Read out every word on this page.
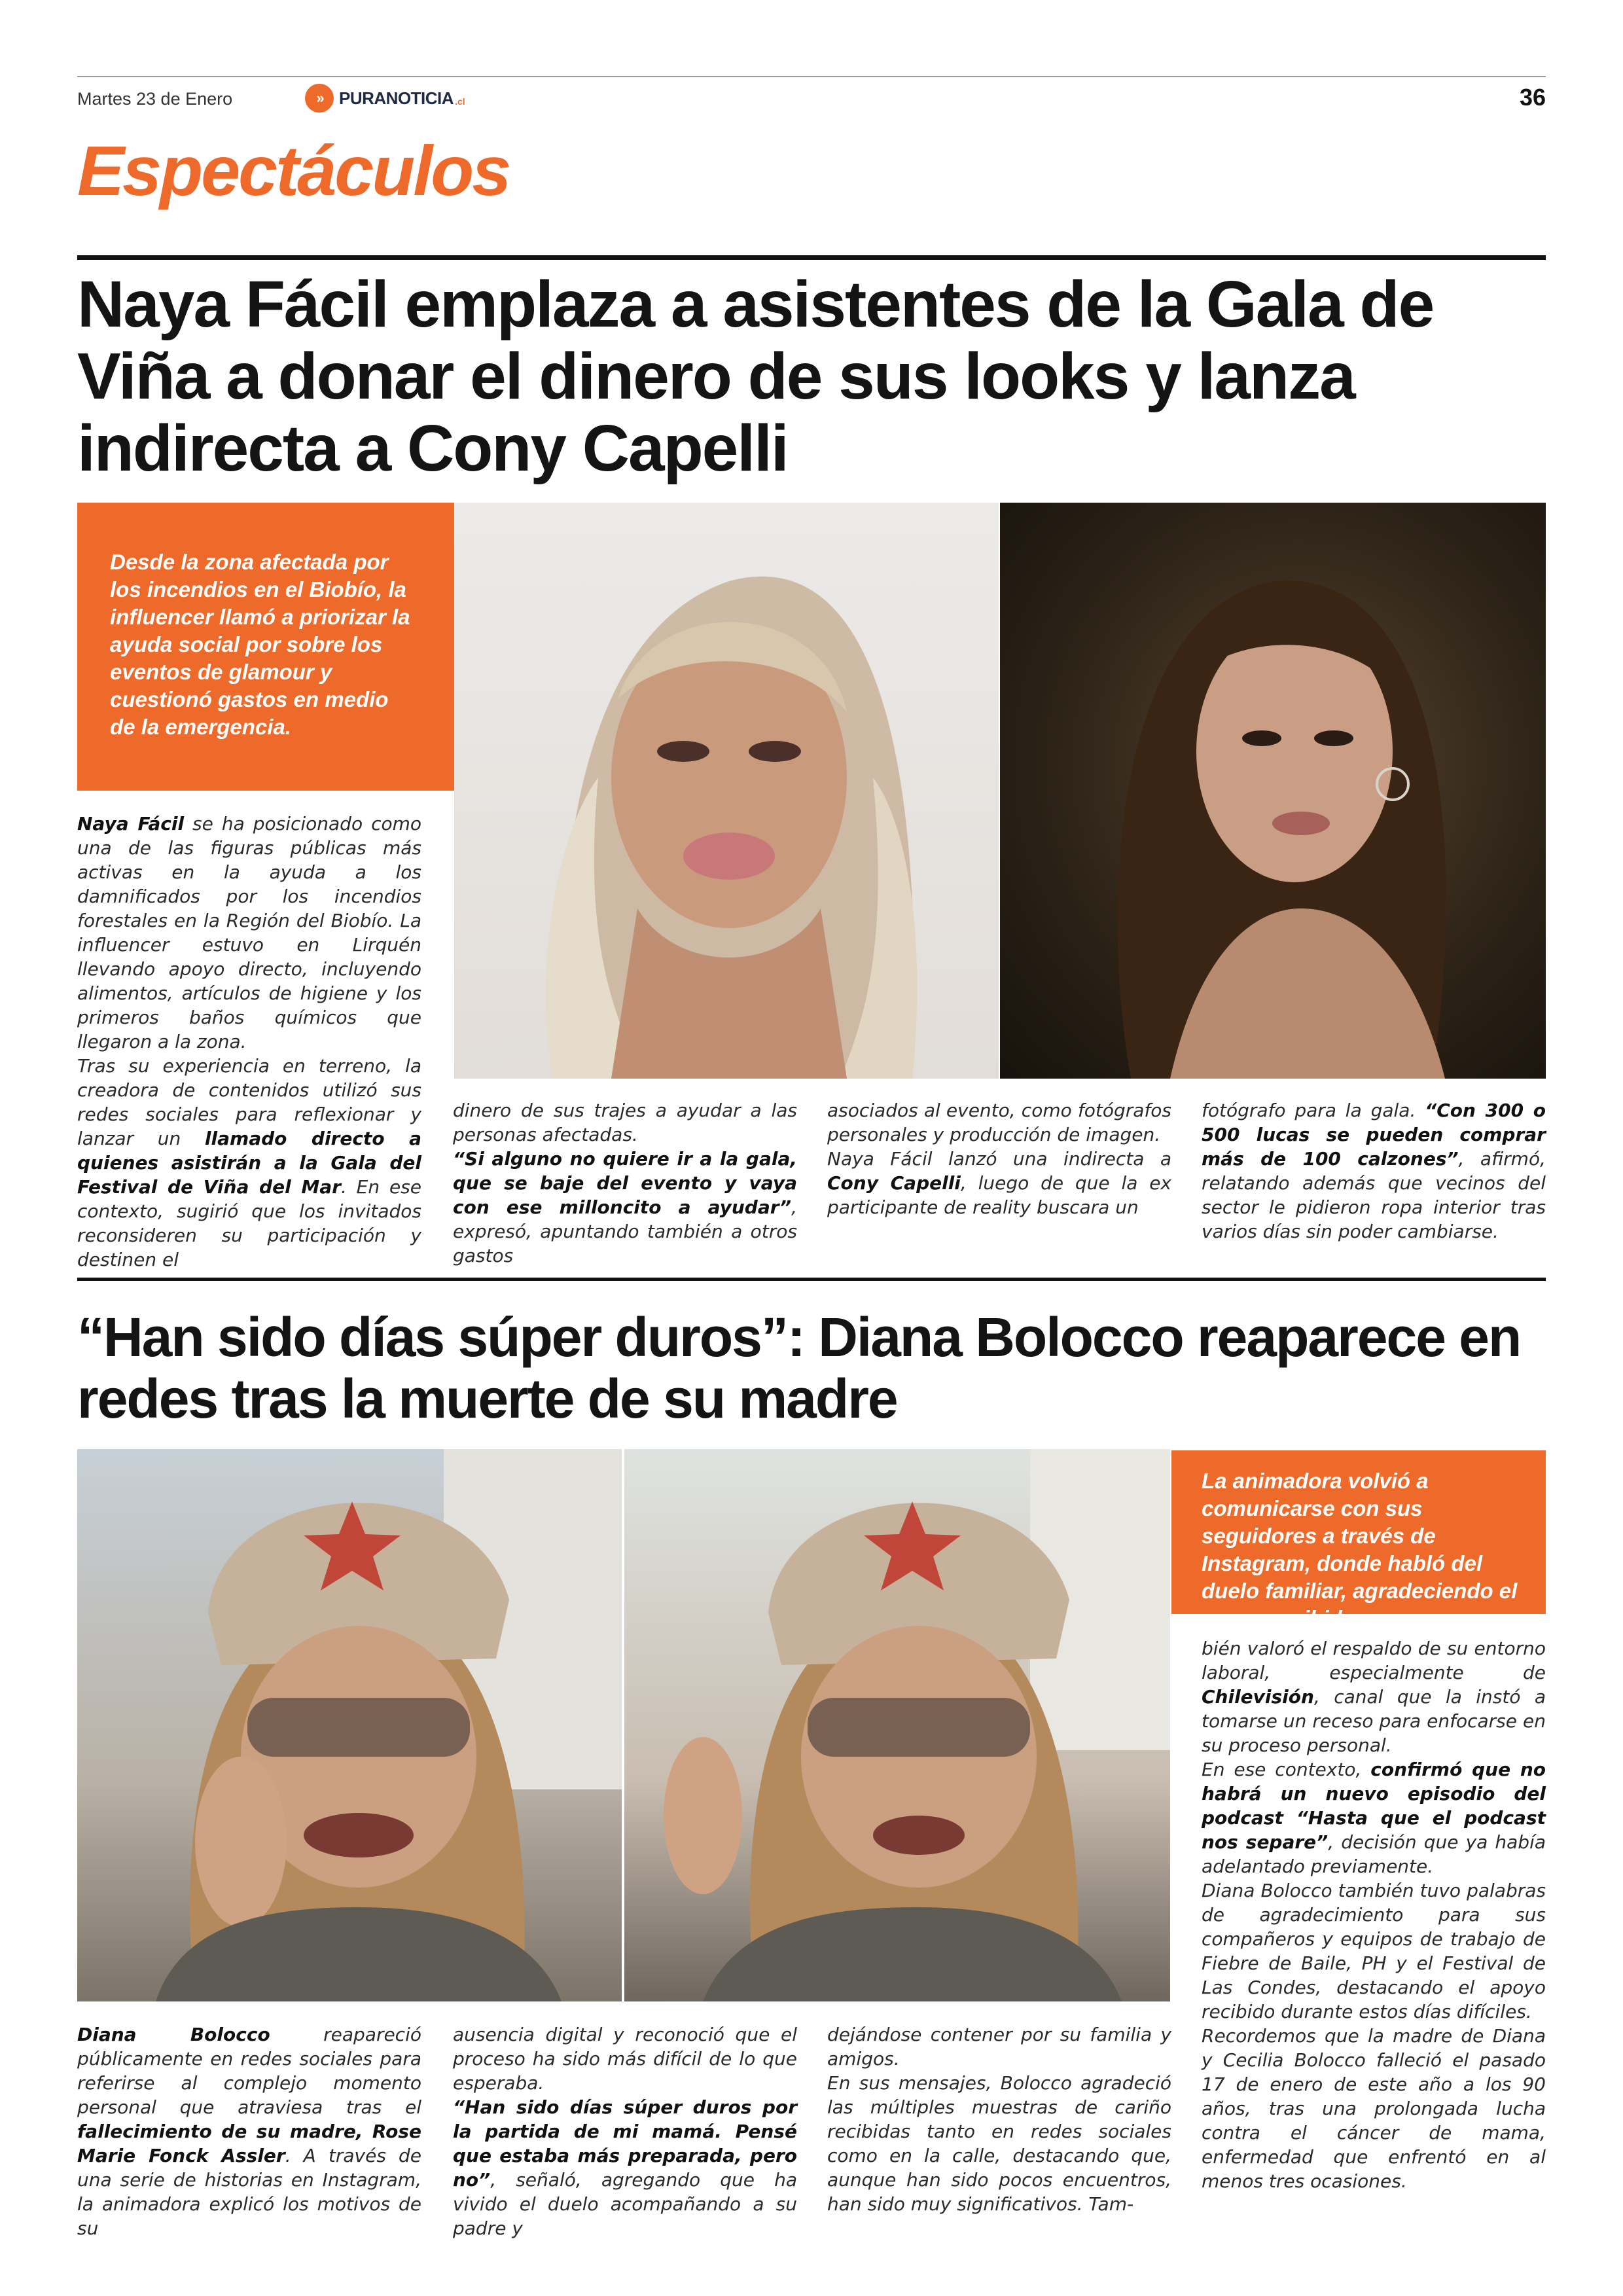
Martes 23 de Enero	» PURANOTICIA .cl	36
Espectáculos
Naya Fácil emplaza a asistentes de la Gala de Viña a donar el dinero de sus looks y lanza indirecta a Cony Capelli
Desde la zona afectada por los incendios en el Biobío, la influencer llamó a priorizar la ayuda social por sobre los eventos de glamour y cuestionó gastos en medio de la emergencia.

Naya Fácil se ha posicionado como una de las figuras públicas más activas en la ayuda a los damnificados por los incendios forestales en la Región del Biobío. La influencer estuvo en Lirquén llevando apoyo directo, incluyendo alimentos, artículos de higiene y los primeros baños químicos que llegaron a la zona.

Tras su experiencia en terreno, la creadora de contenidos utilizó sus redes sociales para reflexionar y lanzar un llamado directo a quienes asistirán a la Gala del Festival de Viña del Mar. En ese contexto, sugirió que los invitados reconsideren su participación y destinen el

dinero de sus trajes a ayudar a las personas afectadas.

“Si alguno no quiere ir a la gala, que se baje del evento y vaya con ese milloncito a ayudar”, expresó, apuntando también a otros gastos

asociados al evento, como fotógrafos personales y producción de imagen.

Naya Fácil lanzó una indirecta a Cony Capelli, luego de que la ex participante de reality buscara un

fotógrafo para la gala. “Con 300 o 500 lucas se pueden comprar más de 100 calzones”, afirmó, relatando además que vecinos del sector le pidieron ropa interior tras varios días sin poder cambiarse.

“Han sido días súper duros”: Diana Bolocco reaparece en redes tras la muerte de su madre
La animadora volvió a comunicarse con sus seguidores a través de Instagram, donde habló del duelo familiar, agradeciendo el apoyo recibido.

Diana Bolocco reapareció públicamente en redes sociales para referirse al complejo momento personal que atraviesa tras el fallecimiento de su madre, Rose Marie Fonck Assler. A través de una serie de historias en Instagram, la animadora explicó los motivos de su

ausencia digital y reconoció que el proceso ha sido más difícil de lo que esperaba.

“Han sido días súper duros por la partida de mi mamá. Pensé que estaba más preparada, pero no”, señaló, agregando que ha vivido el duelo acompañando a su padre y

dejándose contener por su familia y amigos.

En sus mensajes, Bolocco agradeció las múltiples muestras de cariño recibidas tanto en redes sociales como en la calle, destacando que, aunque han sido pocos encuentros, han sido muy significativos. Tam-

bién valoró el respaldo de su entorno laboral, especialmente de Chilevisión, canal que la instó a tomarse un receso para enfocarse en su proceso personal.

En ese contexto, confirmó que no habrá un nuevo episodio del podcast “Hasta que el podcast nos separe”, decisión que ya había adelantado previamente.

Diana Bolocco también tuvo palabras de agradecimiento para sus compañeros y equipos de trabajo de Fiebre de Baile, PH y el Festival de Las Condes, destacando el apoyo recibido durante estos días difíciles.

Recordemos que la madre de Diana y Cecilia Bolocco falleció el pasado 17 de enero de este año a los 90 años, tras una prolongada lucha contra el cáncer de mama, enfermedad que enfrentó en al menos tres ocasiones.
